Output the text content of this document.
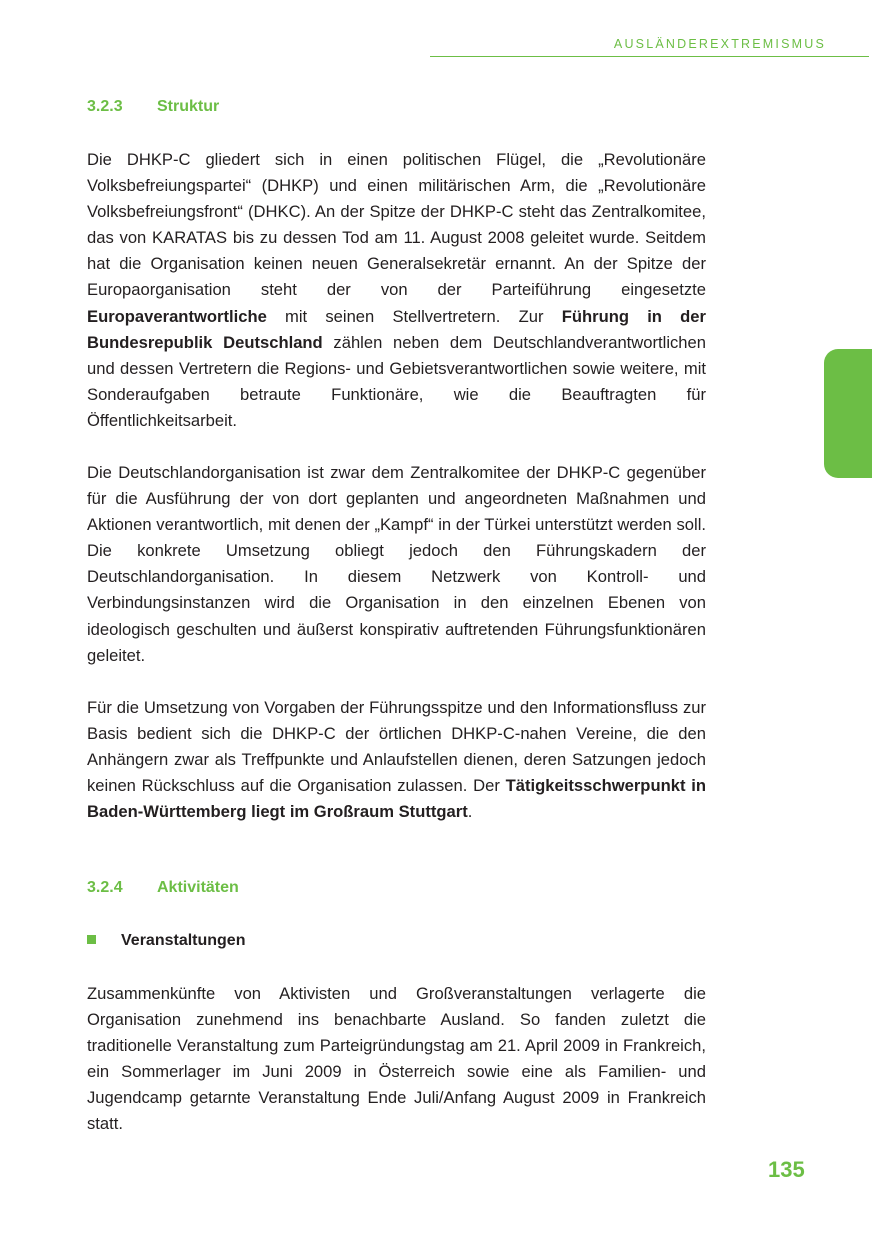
AUSLÄNDEREXTREMISMUS
3.2.3 Struktur

Die DHKP-C gliedert sich in einen politischen Flügel, die „Revolutionäre Volksbefreiungspartei“ (DHKP) und einen militärischen Arm, die „Revolutionäre Volksbefreiungsfront“ (DHKC). An der Spitze der DHKP-C steht das Zentralkomitee, das von KARATAS bis zu dessen Tod am 11. August 2008 geleitet wurde. Seitdem hat die Organisation keinen neuen Generalsekretär ernannt. An der Spitze der Europaorganisation steht der von der Parteiführung eingesetzte Europaverantwortliche mit seinen Stellvertretern. Zur Führung in der Bundesrepublik Deutschland zählen neben dem Deutschlandverantwortlichen und dessen Vertretern die Regions- und Gebietsverantwortlichen sowie weitere, mit Sonderaufgaben betraute Funktionäre, wie die Beauftragten für Öffentlichkeitsarbeit.

Die Deutschlandorganisation ist zwar dem Zentralkomitee der DHKP-C gegenüber für die Ausführung der von dort geplanten und angeordneten Maßnahmen und Aktionen verantwortlich, mit denen der „Kampf“ in der Türkei unterstützt werden soll. Die konkrete Umsetzung obliegt jedoch den Führungskadern der Deutschlandorganisation. In diesem Netzwerk von Kontroll- und Verbindungsinstanzen wird die Organisation in den einzelnen Ebenen von ideologisch geschulten und äußerst konspirativ auftretenden Führungsfunktionären geleitet.

Für die Umsetzung von Vorgaben der Führungsspitze und den Informationsfluss zur Basis bedient sich die DHKP-C der örtlichen DHKP-C-nahen Vereine, die den Anhängern zwar als Treffpunkte und Anlaufstellen dienen, deren Satzungen jedoch keinen Rückschluss auf die Organisation zulassen. Der Tätigkeitsschwerpunkt in Baden-Württemberg liegt im Großraum Stuttgart.

3.2.4 Aktivitäten
Veranstaltungen

Zusammenkünfte von Aktivisten und Großveranstaltungen verlagerte die Organisation zunehmend ins benachbarte Ausland. So fanden zuletzt die traditionelle Veranstaltung zum Parteigründungstag am 21. April 2009 in Frankreich, ein Sommerlager im Juni 2009 in Österreich sowie eine als Familien- und Jugendcamp getarnte Veranstaltung Ende Juli/Anfang August 2009 in Frankreich statt.

135
